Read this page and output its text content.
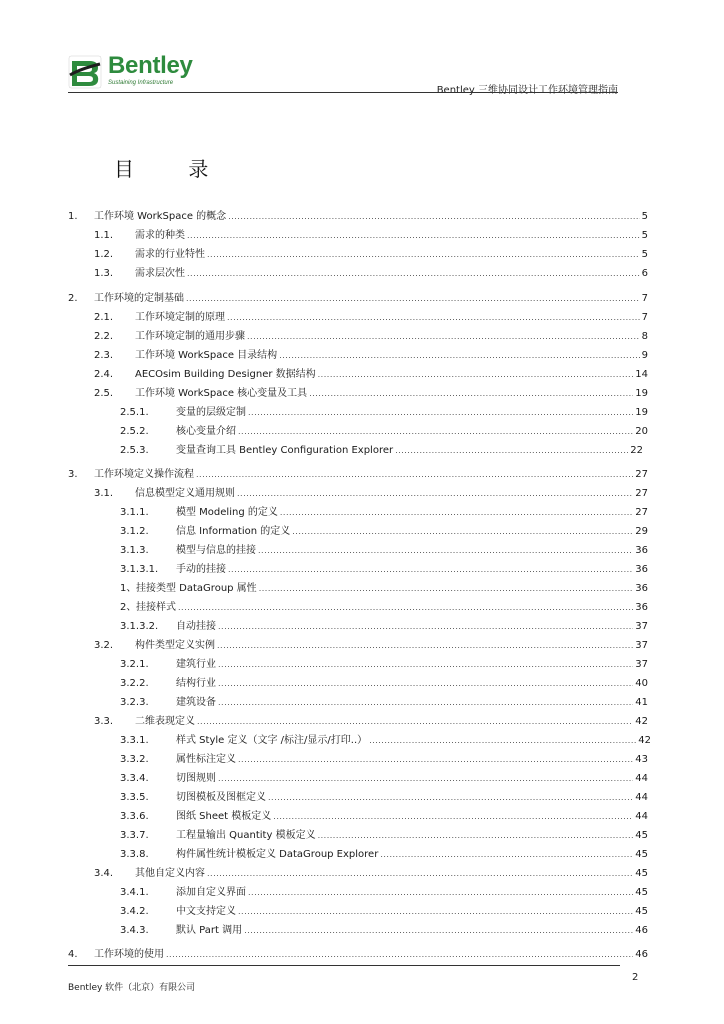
Bentley
Sustaining Infrastructure
Bentley 三维协同设计工作环境管理指南
目 录
1.	工作环境 WorkSpace 的概念 .....	5
1.1.	需求的种类 .....	5
1.2.	需求的行业特性 .....	5
1.3.	需求层次性 .....	6
2.	工作环境的定制基础 .....	7
2.1.	工作环境定制的原理 .....	7
2.2.	工作环境定制的通用步骤 .....	8
2.3.	工作环境 WorkSpace 目录结构 .....	9
2.4.	AECOsim Building Designer 数据结构 .....	14
2.5.	工作环境 WorkSpace 核心变量及工具 .....	19
2.5.1.	变量的层级定制 .....	19
2.5.2.	核心变量介绍 .....	20
2.5.3.	变量查询工具 Bentley Configuration Explorer .....	22
3.	工作环境定义操作流程 .....	27
3.1.	信息模型定义通用规则 .....	27
3.1.1.	模型 Modeling 的定义 .....	27
3.1.2.	信息 Information 的定义 .....	29
3.1.3.	模型与信息的挂接 .....	36
3.1.3.1.	手动的挂接 .....	36
1、 挂接类型 DataGroup 属性 .....	36
2、 挂接样式 .....	36
3.1.3.2.	自动挂接 .....	37
3.2.	构件类型定义实例 .....	37
3.2.1.	建筑行业 .....	37
3.2.2.	结构行业 .....	40
3.2.3.	建筑设备 .....	41
3.3.	二维表现定义 .....	42
3.3.1.	样式 Style 定义（文字 /标注/显示/打印..） .....	42
3.3.2.	属性标注定义 .....	43
3.3.4.	切图规则 .....	44
3.3.5.	切图模板及图框定义 .....	44
3.3.6.	图纸 Sheet 模板定义 .....	44
3.3.7.	工程量输出 Quantity 模板定义 .....	45
3.3.8.	构件属性统计模板定义 DataGroup Explorer .....	45
3.4.	其他自定义内容 .....	45
3.4.1.	添加自定义界面 .....	45
3.4.2.	中文支持定义 .....	45
3.4.3.	默认 Part 调用 .....	46
4.	工作环境的使用 .....	46
2
Bentley 软件（北京）有限公司
